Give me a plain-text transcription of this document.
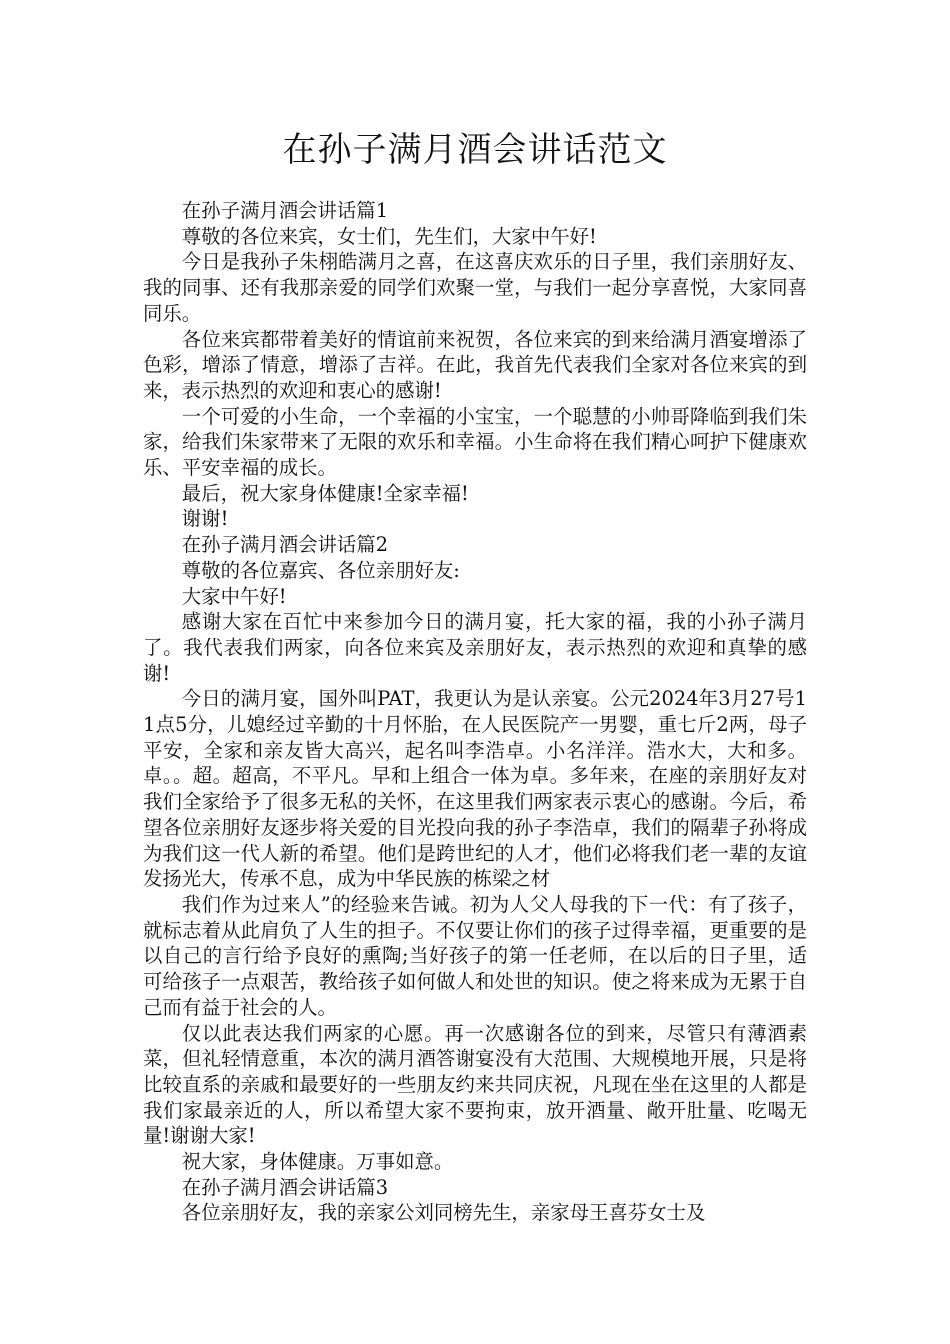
在孙子满月酒会讲话范文

在孙子满月酒会讲话篇1

尊敬的各位来宾，女士们，先生们，大家中午好!

今日是我孙子朱栩皓满月之喜，在这喜庆欢乐的日子里，我们亲朋好友、我的同事、还有我那亲爱的同学们欢聚一堂，与我们一起分享喜悦，大家同喜同乐。

各位来宾都带着美好的情谊前来祝贺，各位来宾的到来给满月酒宴增添了色彩，增添了情意，增添了吉祥。在此，我首先代表我们全家对各位来宾的到来，表示热烈的欢迎和衷心的感谢!

一个可爱的小生命，一个幸福的小宝宝，一个聪慧的小帅哥降临到我们朱家，给我们朱家带来了无限的欢乐和幸福。小生命将在我们精心呵护下健康欢乐、平安幸福的成长。

最后，祝大家身体健康!全家幸福!

谢谢!

在孙子满月酒会讲话篇2

尊敬的各位嘉宾、各位亲朋好友:

大家中午好!

感谢大家在百忙中来参加今日的满月宴，托大家的福，我的小孙子满月了。我代表我们两家，向各位来宾及亲朋好友，表示热烈的欢迎和真挚的感谢!

今日的满月宴，国外叫PAT，我更认为是认亲宴。公元2024年3月27号11点5分，儿媳经过辛勤的十月怀胎，在人民医院产一男婴，重七斤2两，母子平安，全家和亲友皆大高兴，起名叫李浩卓。小名洋洋。浩水大，大和多。卓。。超。超高，不平凡。早和上组合一体为卓。多年来，在座的亲朋好友对我们全家给予了很多无私的关怀，在这里我们两家表示衷心的感谢。今后，希望各位亲朋好友逐步将关爱的目光投向我的孙子李浩卓，我们的隔辈子孙将成为我们这一代人新的希望。他们是跨世纪的人才，他们必将我们老一辈的友谊发扬光大，传承不息，成为中华民族的栋梁之材

我们作为过来人”的经验来告诫。初为人父人母我的下一代：有了孩子，就标志着从此肩负了人生的担子。不仅要让你们的孩子过得幸福，更重要的是以自己的言行给予良好的熏陶;当好孩子的第一任老师，在以后的日子里，适可给孩子一点艰苦，教给孩子如何做人和处世的知识。使之将来成为无累于自己而有益于社会的人。

仅以此表达我们两家的心愿。再一次感谢各位的到来，尽管只有薄酒素菜，但礼轻情意重，本次的满月酒答谢宴没有大范围、大规模地开展，只是将比较直系的亲戚和最要好的一些朋友约来共同庆祝，凡现在坐在这里的人都是我们家最亲近的人，所以希望大家不要拘束，放开酒量、敞开肚量、吃喝无量!谢谢大家!

祝大家，身体健康。万事如意。

在孙子满月酒会讲话篇3

各位亲朋好友，我的亲家公刘同榜先生，亲家母王喜芬女士及
